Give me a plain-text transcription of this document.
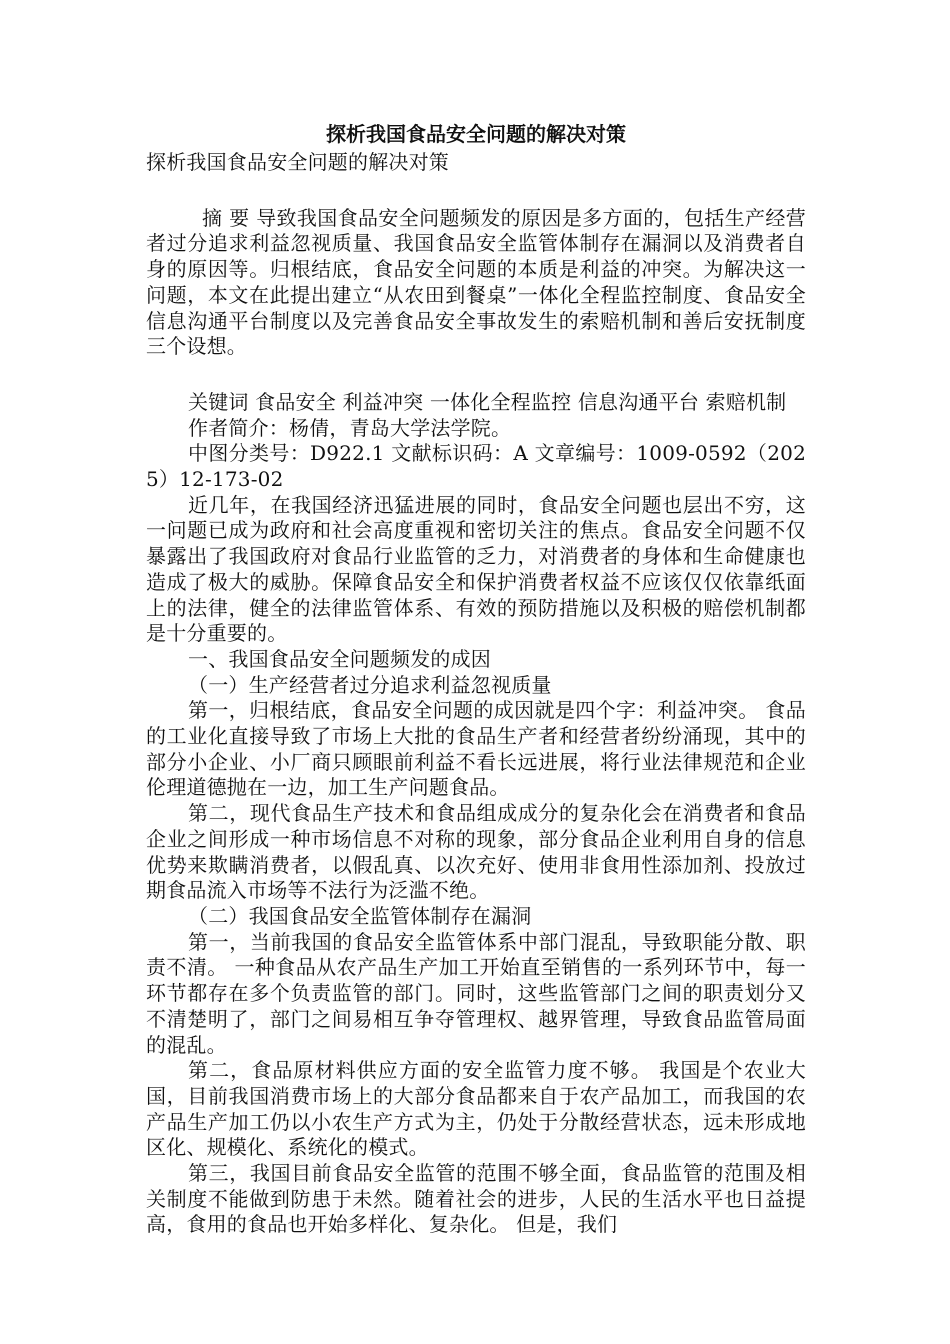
探析我国食品安全问题的解决对策

探析我国食品安全问题的解决对策

摘 要 导致我国食品安全问题频发的原因是多方面的，包括生产经营者过分追求利益忽视质量、我国食品安全监管体制存在漏洞以及消费者自身的原因等。归根结底，食品安全问题的本质是利益的冲突。为解决这一问题，本文在此提出建立“从农田到餐桌”一体化全程监控制度、食品安全信息沟通平台制度以及完善食品安全事故发生的索赔机制和善后安抚制度三个设想。

关键词 食品安全 利益冲突 一体化全程监控 信息沟通平台 索赔机制

作者简介：杨倩，青岛大学法学院。

中图分类号：D922.1 文献标识码：A 文章编号：1009-0592（2025）12-173-02

近几年，在我国经济迅猛进展的同时，食品安全问题也层出不穷，这一问题已成为政府和社会高度重视和密切关注的焦点。食品安全问题不仅暴露出了我国政府对食品行业监管的乏力，对消费者的身体和生命健康也造成了极大的威胁。保障食品安全和保护消费者权益不应该仅仅依靠纸面上的法律，健全的法律监管体系、有效的预防措施以及积极的赔偿机制都是十分重要的。

一、我国食品安全问题频发的成因

（一）生产经营者过分追求利益忽视质量

第一，归根结底，食品安全问题的成因就是四个字：利益冲突。 食品的工业化直接导致了市场上大批的食品生产者和经营者纷纷涌现，其中的部分小企业、小厂商只顾眼前利益不看长远进展，将行业法律规范和企业伦理道德抛在一边，加工生产问题食品。

第二，现代食品生产技术和食品组成成分的复杂化会在消费者和食品企业之间形成一种市场信息不对称的现象，部分食品企业利用自身的信息优势来欺瞒消费者，以假乱真、以次充好、使用非食用性添加剂、投放过期食品流入市场等不法行为泛滥不绝。

（二）我国食品安全监管体制存在漏洞

第一，当前我国的食品安全监管体系中部门混乱，导致职能分散、职责不清。 一种食品从农产品生产加工开始直至销售的一系列环节中，每一环节都存在多个负责监管的部门。同时，这些监管部门之间的职责划分又不清楚明了，部门之间易相互争夺管理权、越界管理，导致食品监管局面的混乱。

第二，食品原材料供应方面的安全监管力度不够。 我国是个农业大国，目前我国消费市场上的大部分食品都来自于农产品加工，而我国的农产品生产加工仍以小农生产方式为主，仍处于分散经营状态，远未形成地区化、规模化、系统化的模式。

第三，我国目前食品安全监管的范围不够全面，食品监管的范围及相关制度不能做到防患于未然。随着社会的进步，人民的生活水平也日益提高，食用的食品也开始多样化、复杂化。 但是，我们
